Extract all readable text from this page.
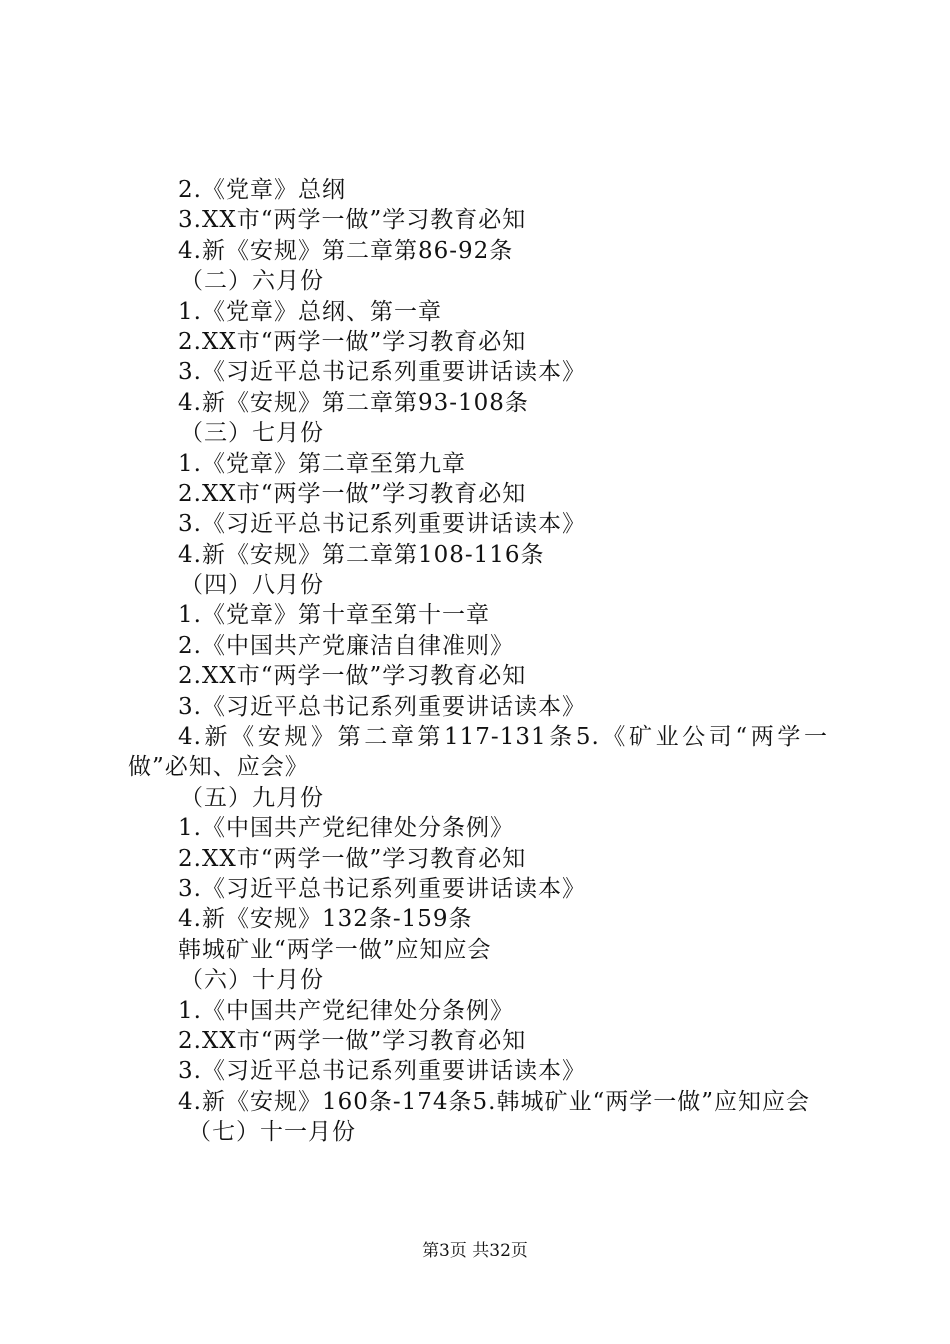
2.《党章》总纲
3.XX市“两学一做”学习教育必知
4.新《安规》第二章第86-92条
（二）六月份
1.《党章》总纲、第一章
2.XX市“两学一做”学习教育必知
3.《习近平总书记系列重要讲话读本》
4.新《安规》第二章第93-108条
（三）七月份
1.《党章》第二章至第九章
2.XX市“两学一做”学习教育必知
3.《习近平总书记系列重要讲话读本》
4.新《安规》第二章第108-116条
（四）八月份
1.《党章》第十章至第十一章
2.《中国共产党廉洁自律准则》
2.XX市“两学一做”学习教育必知
3.《习近平总书记系列重要讲话读本》
4.新《安规》第二章第117-131条5.《矿业公司“两学一做”必知、应会》
（五）九月份
1.《中国共产党纪律处分条例》
2.XX市“两学一做”学习教育必知
3.《习近平总书记系列重要讲话读本》
4.新《安规》132条-159条
韩城矿业“两学一做”应知应会
（六）十月份
1.《中国共产党纪律处分条例》
2.XX市“两学一做”学习教育必知
3.《习近平总书记系列重要讲话读本》
4.新《安规》160条-174条5.韩城矿业“两学一做”应知应会
（七）十一月份
第3页 共32页
